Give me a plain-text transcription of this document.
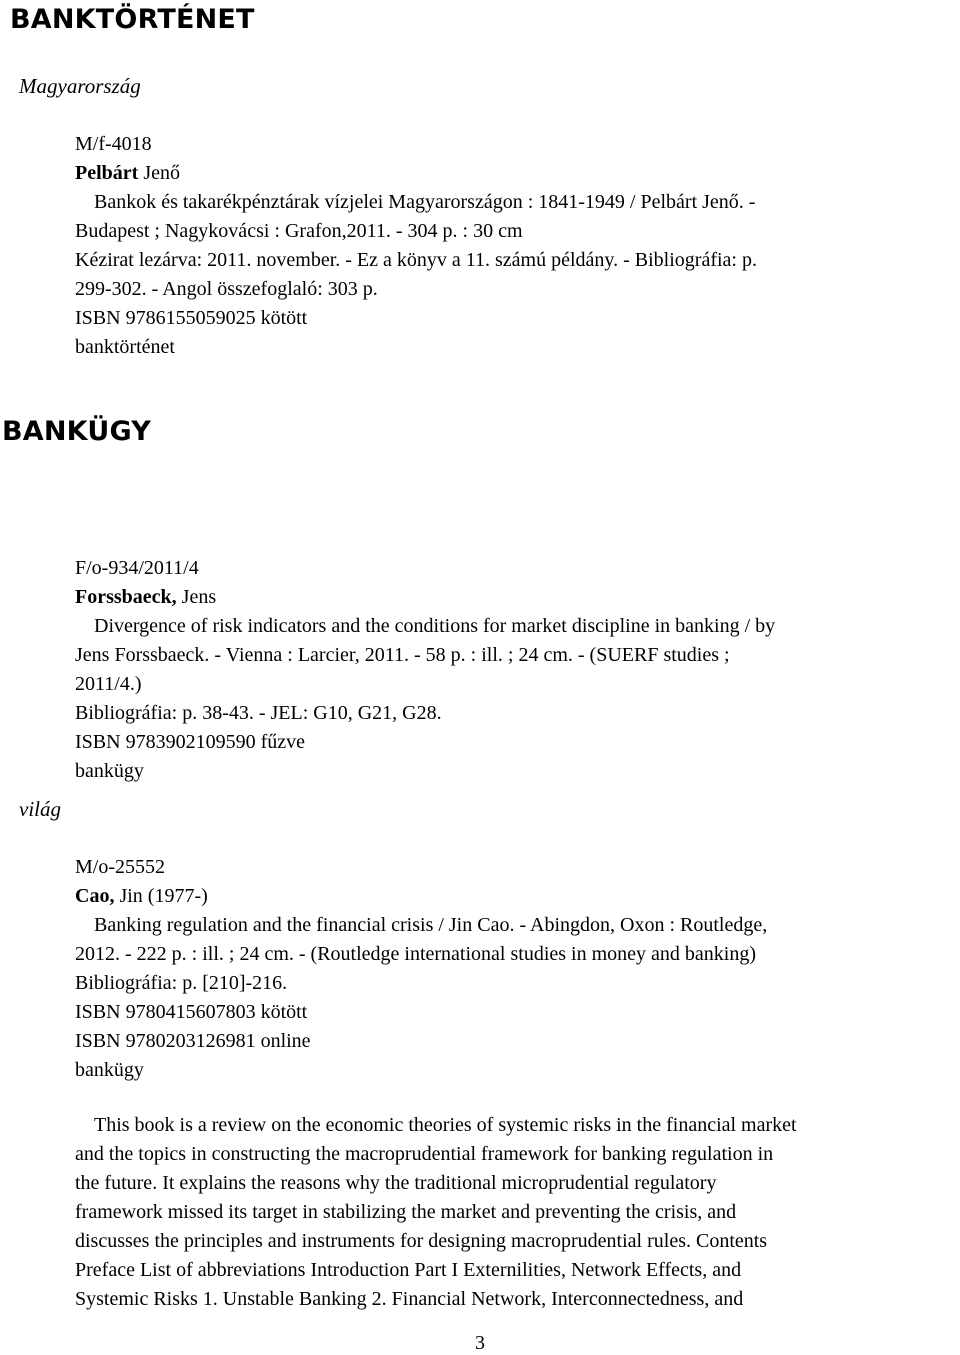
BANKTÖRTÉNET
Magyarország
M/f-4018
Pelbárt Jenő
Bankok és takarékpénztárak vízjelei Magyarországon : 1841-1949 / Pelbárt Jenő. -
Budapest ; Nagykovácsi : Grafon,2011. - 304 p. : 30 cm
Kézirat lezárva: 2011. november. - Ez a könyv a 11. számú példány. - Bibliográfia: p.
299-302. - Angol összefoglaló: 303 p.
ISBN 9786155059025 kötött
banktörténet
BANKÜGY
F/o-934/2011/4
Forssbaeck, Jens
Divergence of risk indicators and the conditions for market discipline in banking / by
Jens Forssbaeck. - Vienna : Larcier, 2011. - 58 p. : ill. ; 24 cm. - (SUERF studies ;
2011/4.)
Bibliográfia: p. 38-43. - JEL: G10, G21, G28.
ISBN 9783902109590 fűzve
bankügy
világ
M/o-25552
Cao, Jin (1977-)
Banking regulation and the financial crisis / Jin Cao. - Abingdon, Oxon : Routledge,
2012. - 222 p. : ill. ; 24 cm. - (Routledge international studies in money and banking)
Bibliográfia: p. [210]-216.
ISBN 9780415607803 kötött
ISBN 9780203126981 online
bankügy
This book is a review on the economic theories of systemic risks in the financial market
and the topics in constructing the macroprudential framework for banking regulation in
the future. It explains the reasons why the traditional microprudential regulatory
framework missed its target in stabilizing the market and preventing the crisis, and
discusses the principles and instruments for designing macroprudential rules. Contents
Preface List of abbreviations Introduction Part I Externilities, Network Effects, and
Systemic Risks 1. Unstable Banking 2. Financial Network, Interconnectedness, and
3
